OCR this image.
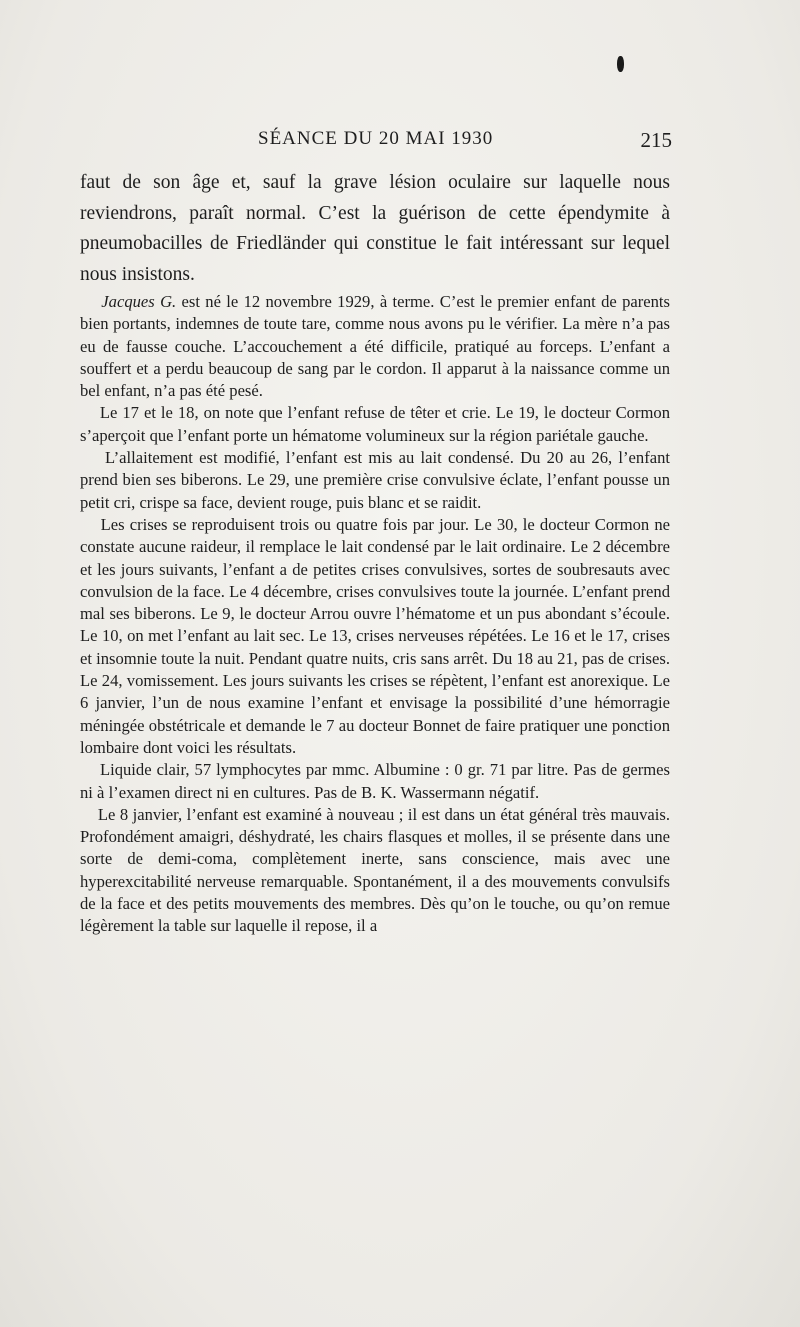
SÉANCE DU 20 MAI 1930	215

faut de son âge et, sauf la grave lésion oculaire sur laquelle nous reviendrons, paraît normal. C’est la guérison de cette épendymite à pneumobacilles de Friedländer qui constitue le fait intéressant sur lequel nous insistons.

Jacques G. est né le 12 novembre 1929, à terme. C’est le premier enfant de parents bien portants, indemnes de toute tare, comme nous avons pu le vérifier. La mère n’a pas eu de fausse couche. L’accouchement a été difficile, pratiqué au forceps. L’enfant a souffert et a perdu beaucoup de sang par le cordon. Il apparut à la naissance comme un bel enfant, n’a pas été pesé.

Le 17 et le 18, on note que l’enfant refuse de têter et crie. Le 19, le docteur Cormon s’aperçoit que l’enfant porte un hématome volumineux sur la région pariétale gauche.

L’allaitement est modifié, l’enfant est mis au lait condensé. Du 20 au 26, l’enfant prend bien ses biberons. Le 29, une première crise convulsive éclate, l’enfant pousse un petit cri, crispe sa face, devient rouge, puis blanc et se raidit.

Les crises se reproduisent trois ou quatre fois par jour. Le 30, le docteur Cormon ne constate aucune raideur, il remplace le lait condensé par le lait ordinaire. Le 2 décembre et les jours suivants, l’enfant a de petites crises convulsives, sortes de soubresauts avec convulsion de la face. Le 4 décembre, crises convulsives toute la journée. L’enfant prend mal ses biberons. Le 9, le docteur Arrou ouvre l’hématome et un pus abondant s’écoule. Le 10, on met l’enfant au lait sec. Le 13, crises nerveuses répétées. Le 16 et le 17, crises et insomnie toute la nuit. Pendant quatre nuits, cris sans arrêt. Du 18 au 21, pas de crises. Le 24, vomissement. Les jours suivants les crises se répètent, l’enfant est anorexique. Le 6 janvier, l’un de nous examine l’enfant et envisage la possibilité d’une hémorragie méningée obstétricale et demande le 7 au docteur Bonnet de faire pratiquer une ponction lombaire dont voici les résultats.

Liquide clair, 57 lymphocytes par mmc. Albumine : 0 gr. 71 par litre. Pas de germes ni à l’examen direct ni en cultures. Pas de B. K. Wassermann négatif.

Le 8 janvier, l’enfant est examiné à nouveau ; il est dans un état général très mauvais. Profondément amaigri, déshydraté, les chairs flasques et molles, il se présente dans une sorte de demi-coma, complètement inerte, sans conscience, mais avec une hyperexcitabilité nerveuse remarquable. Spontanément, il a des mouvements convulsifs de la face et des petits mouvements des membres. Dès qu’on le touche, ou qu’on remue légèrement la table sur laquelle il repose, il a
